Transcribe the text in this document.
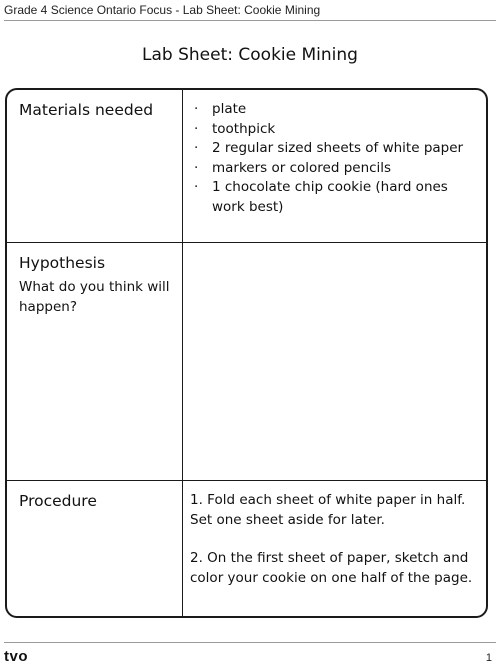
Grade 4 Science Ontario Focus - Lab Sheet: Cookie Mining
Lab Sheet: Cookie Mining
Materials needed	· plate
· toothpick
· 2 regular sized sheets of white paper
· markers or colored pencils
· 1 chocolate chip cookie (hard ones work best)
Hypothesis
What do you think will happen?
Procedure	1. Fold each sheet of white paper in half. Set one sheet aside for later.

2. On the first sheet of paper, sketch and color your cookie on one half of the page.

tvo	1
